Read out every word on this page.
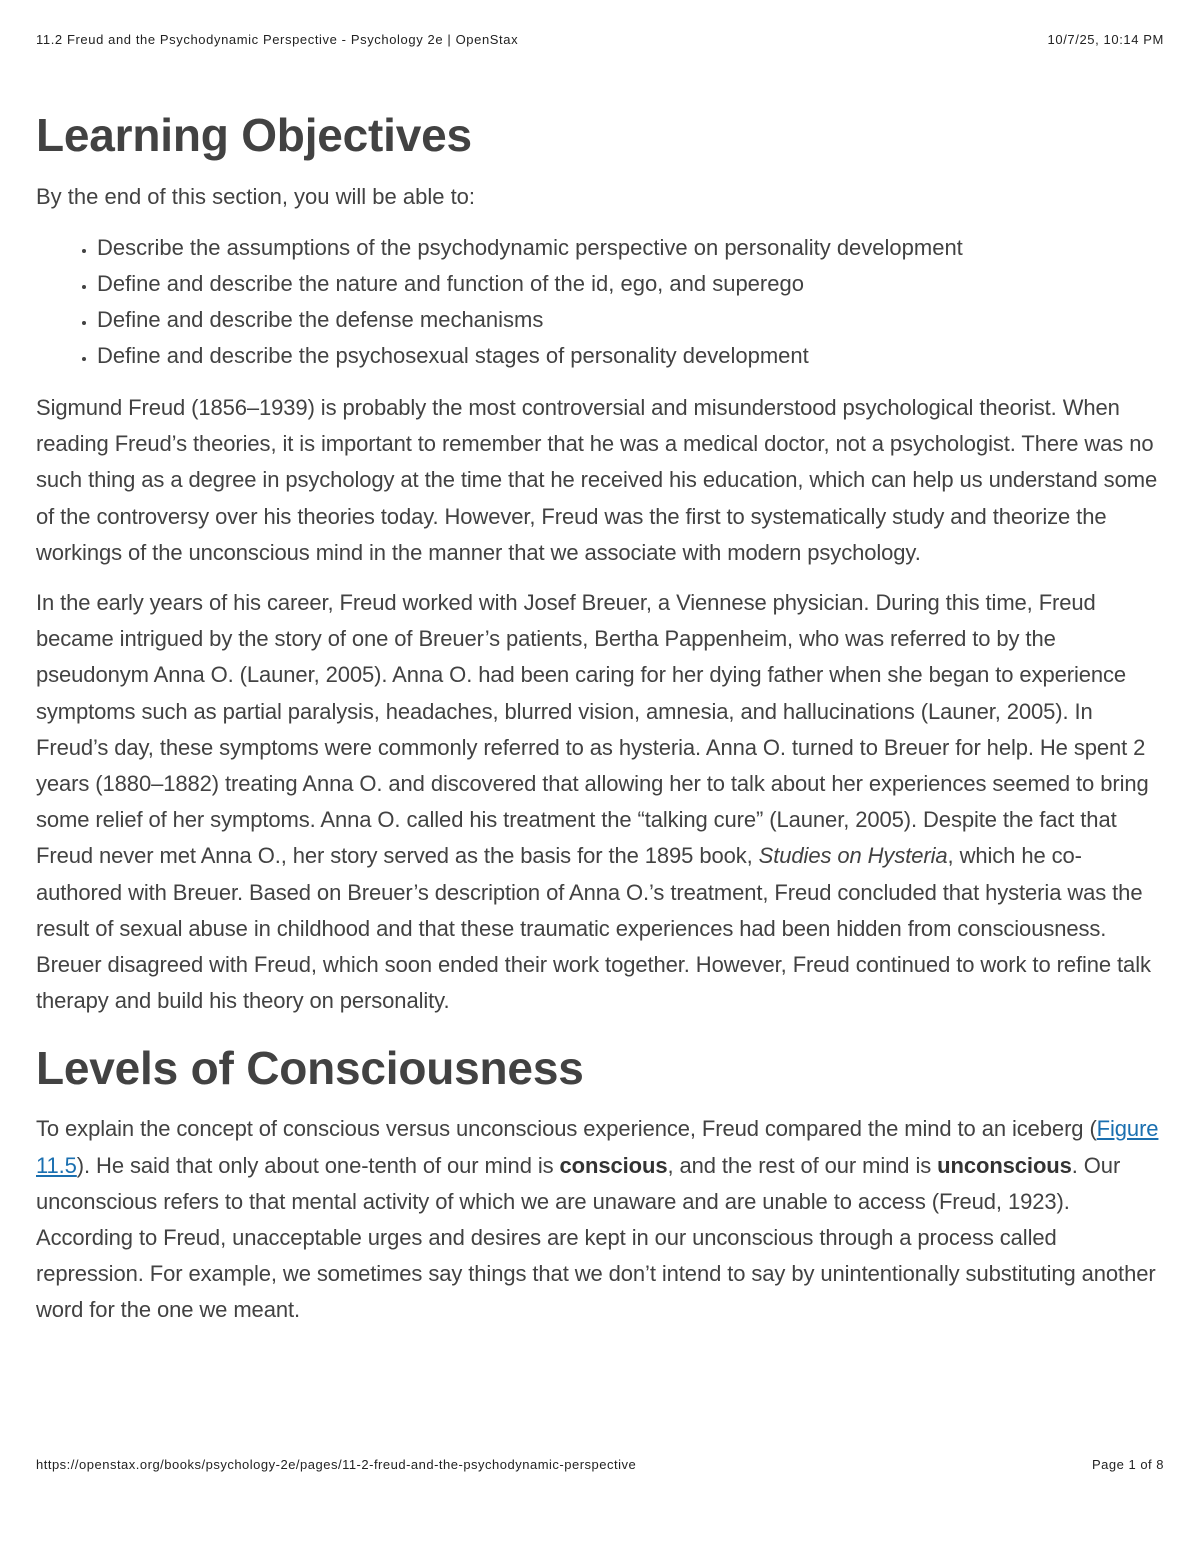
11.2 Freud and the Psychodynamic Perspective - Psychology 2e | OpenStax	10/7/25, 10:14 PM
Learning Objectives

By the end of this section, you will be able to:

• Describe the assumptions of the psychodynamic perspective on personality development
• Define and describe the nature and function of the id, ego, and superego
• Define and describe the defense mechanisms
• Define and describe the psychosexual stages of personality development

Sigmund Freud (1856–1939) is probably the most controversial and misunderstood psychological theorist. When reading Freud’s theories, it is important to remember that he was a medical doctor, not a psychologist. There was no such thing as a degree in psychology at the time that he received his education, which can help us understand some of the controversy over his theories today. However, Freud was the first to systematically study and theorize the workings of the unconscious mind in the manner that we associate with modern psychology.

In the early years of his career, Freud worked with Josef Breuer, a Viennese physician. During this time, Freud became intrigued by the story of one of Breuer’s patients, Bertha Pappenheim, who was referred to by the pseudonym Anna O. (Launer, 2005). Anna O. had been caring for her dying father when she began to experience symptoms such as partial paralysis, headaches, blurred vision, amnesia, and hallucinations (Launer, 2005). In Freud’s day, these symptoms were commonly referred to as hysteria. Anna O. turned to Breuer for help. He spent 2 years (1880–1882) treating Anna O. and discovered that allowing her to talk about her experiences seemed to bring some relief of her symptoms. Anna O. called his treatment the “talking cure” (Launer, 2005). Despite the fact that Freud never met Anna O., her story served as the basis for the 1895 book, Studies on Hysteria, which he co-authored with Breuer. Based on Breuer’s description of Anna O.’s treatment, Freud concluded that hysteria was the result of sexual abuse in childhood and that these traumatic experiences had been hidden from consciousness. Breuer disagreed with Freud, which soon ended their work together. However, Freud continued to work to refine talk therapy and build his theory on personality.

Levels of Consciousness

To explain the concept of conscious versus unconscious experience, Freud compared the mind to an iceberg (Figure 11.5). He said that only about one-tenth of our mind is conscious, and the rest of our mind is unconscious. Our unconscious refers to that mental activity of which we are unaware and are unable to access (Freud, 1923). According to Freud, unacceptable urges and desires are kept in our unconscious through a process called repression. For example, we sometimes say things that we don’t intend to say by unintentionally substituting another word for the one we meant.

https://openstax.org/books/psychology-2e/pages/11-2-freud-and-the-psychodynamic-perspective	Page 1 of 8
